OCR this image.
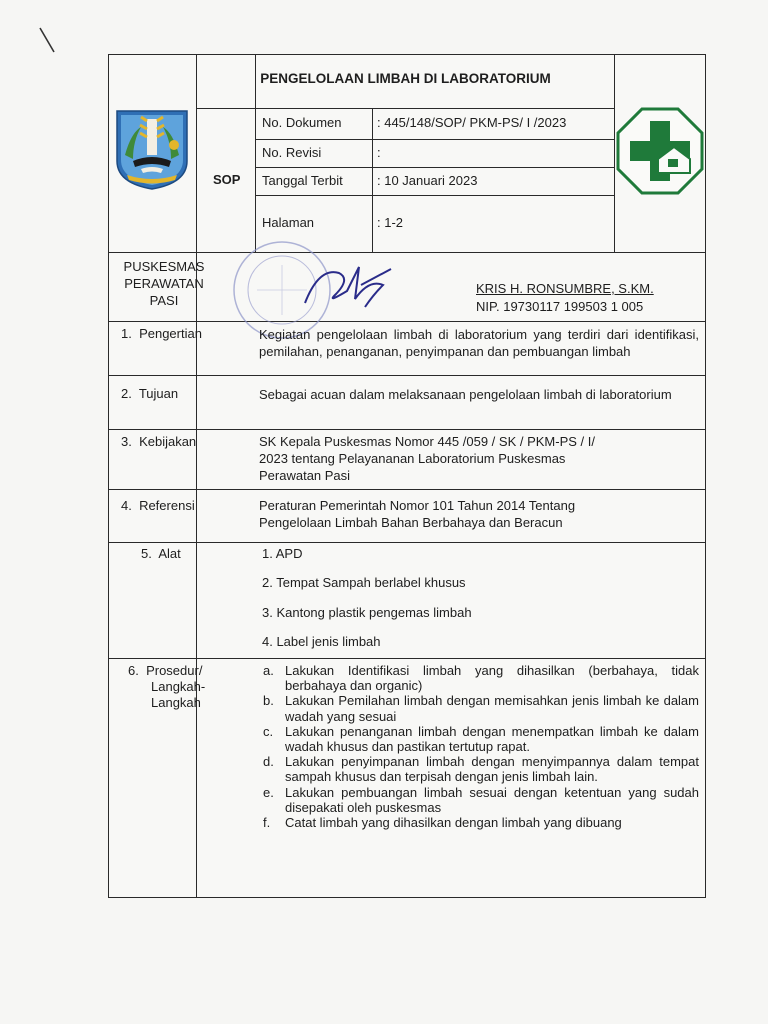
PENGELOLAAN LIMBAH DI LABORATORIUM
SOP
No. Dokumen	: 445/148/SOP/ PKM-PS/ I /2023
No. Revisi	:
Tanggal Terbit	: 10 Januari 2023
Halaman	: 1-2
PUSKESMAS
PERAWATAN
PASI
KRIS H. RONSUMBRE, S.KM.
NIP. 19730117 199503 1 005
1.  Pengertian	Kegiatan pengelolaan limbah di laboratorium yang terdiri dari identifikasi, pemilahan, penanganan, penyimpanan dan pembuangan limbah
2.  Tujuan	Sebagai acuan dalam melaksanaan pengelolaan limbah di laboratorium
3.  Kebijakan	SK Kepala Puskesmas Nomor 445 /059 / SK / PKM-PS / I/
2023 tentang Pelayananan Laboratorium Puskesmas
Perawatan Pasi
4.  Referensi	Peraturan Pemerintah Nomor 101 Tahun 2014 Tentang
Pengelolaan Limbah Bahan Berbahaya dan Beracun
5.  Alat	1. APD
2. Tempat Sampah berlabel khusus
3. Kantong plastik pengemas limbah
4. Label jenis limbah
6.  Prosedur/
Langkah-
Langkah
a. Lakukan Identifikasi limbah yang dihasilkan (berbahaya, tidak berbahaya dan organic)
b. Lakukan Pemilahan limbah dengan memisahkan jenis limbah ke dalam wadah yang sesuai
c. Lakukan penanganan limbah dengan menempatkan limbah ke dalam wadah khusus dan pastikan tertutup rapat.
d. Lakukan penyimpanan limbah dengan menyimpannya dalam tempat sampah khusus dan terpisah dengan jenis limbah lain.
e. Lakukan pembuangan limbah sesuai dengan ketentuan yang sudah disepakati oleh puskesmas
f. Catat limbah yang dihasilkan dengan limbah yang dibuang
